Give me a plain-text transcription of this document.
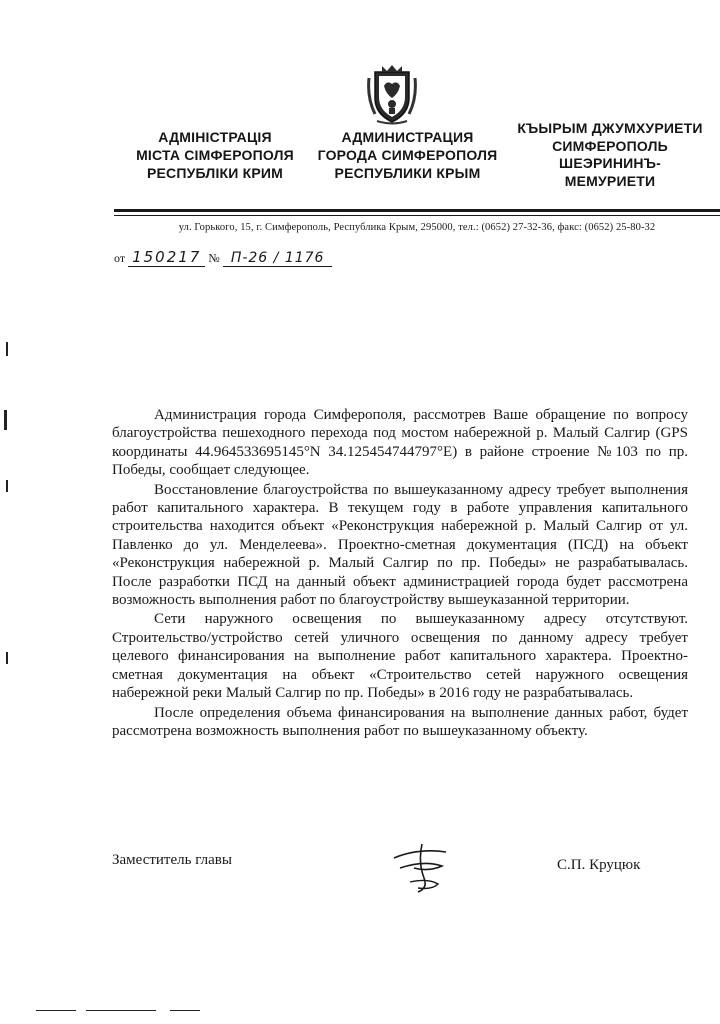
АДМІНІСТРАЦІЯ
МІСТА СІМФЕРОПОЛЯ
РЕСПУБЛІКИ КРИМ
АДМИНИСТРАЦИЯ
ГОРОДА СИМФЕРОПОЛЯ
РЕСПУБЛИКИ КРЫМ
КЪЫРЫМ ДЖУМХУРИЕТИ
СИМФЕРОПОЛЬ
ШЕЭРИНИНЪ-
МЕМУРИЕТИ
ул. Горького, 15, г. Симферополь, Республика Крым, 295000, тел.: (0652) 27-32-36, факс: (0652) 25-80-32
от 150217 № П-26 / 1176

Администрация города Симферополя, рассмотрев Ваше обращение по вопросу благоустройства пешеходного перехода под мостом набережной р. Малый Салгир (GPS координаты 44.964533695145°N 34.125454744797°E) в районе строение №103 по пр. Победы, сообщает следующее.

Восстановление благоустройства по вышеуказанному адресу требует выполнения работ капитального характера. В текущем году в работе управления капитального строительства находится объект «Реконструкция набережной р. Малый Салгир от ул. Павленко до ул. Менделеева». Проектно-сметная документация (ПСД) на объект «Реконструкция набережной р. Малый Салгир по пр. Победы» не разрабатывалась. После разработки ПСД на данный объект администрацией города будет рассмотрена возможность выполнения работ по благоустройству вышеуказанной территории.

Сети наружного освещения по вышеуказанному адресу отсутствуют. Строительство/устройство сетей уличного освещения по данному адресу требует целевого финансирования на выполнение работ капитального характера. Проектно-сметная документация на объект «Строительство сетей наружного освещения набережной реки Малый Салгир по пр. Победы» в 2016 году не разрабатывалась.

После определения объема финансирования на выполнение данных работ, будет рассмотрена возможность выполнения работ по вышеуказанному объекту.

Заместитель главы	С.П. Круцюк
